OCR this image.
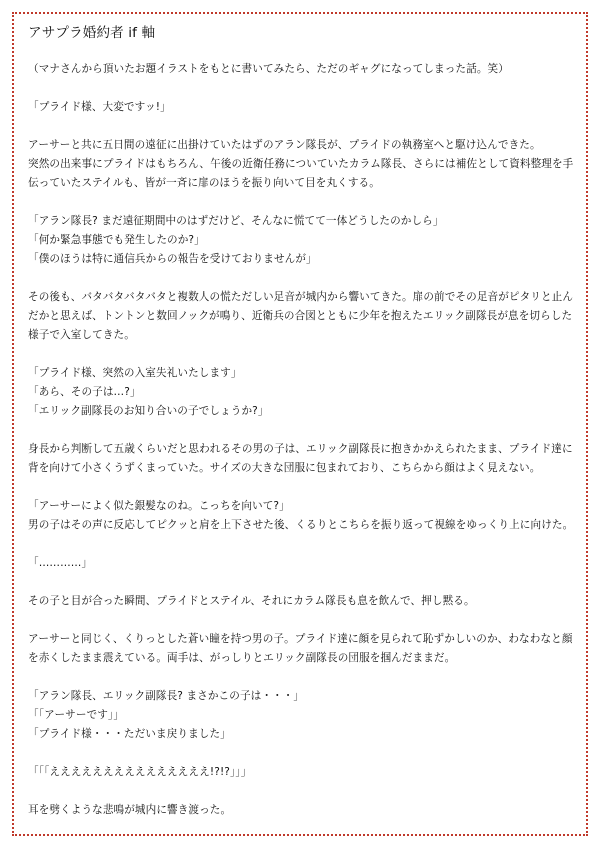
アサプラ婚約者 if 軸

（マナさんから頂いたお題イラストをもとに書いてみたら、ただのギャグになってしまった話。笑）

「プライド様、大変ですッ!」

アーサーと共に五日間の遠征に出掛けていたはずのアラン隊長が、プライドの執務室へと駆け込んできた。

突然の出来事にプライドはもちろん、午後の近衛任務についていたカラム隊長、さらには補佐として資料整理を手伝っていたステイルも、皆が一斉に扉のほうを振り向いて目を丸くする。

「アラン隊長? まだ遠征期間中のはずだけど、そんなに慌てて一体どうしたのかしら」

「何か緊急事態でも発生したのか?」

「僕のほうは特に通信兵からの報告を受けておりませんが」

その後も、バタバタバタバタと複数人の慌ただしい足音が城内から響いてきた。扉の前でその足音がピタリと止んだかと思えば、トントンと数回ノックが鳴り、近衛兵の合図とともに少年を抱えたエリック副隊長が息を切らした様子で入室してきた。

「プライド様、突然の入室失礼いたします」

「あら、その子は…?」

「エリック副隊長のお知り合いの子でしょうか?」

身長から判断して五歳くらいだと思われるその男の子は、エリック副隊長に抱きかかえられたまま、プライド達に背を向けて小さくうずくまっていた。サイズの大きな団服に包まれており、こちらから顔はよく見えない。

「アーサーによく似た銀髪なのね。こっちを向いて?」

男の子はその声に反応してピクッと肩を上下させた後、くるりとこちらを振り返って視線をゆっくり上に向けた。

「…………」

その子と目が合った瞬間、プライドとステイル、それにカラム隊長も息を飲んで、押し黙る。

アーサーと同じく、くりっとした蒼い瞳を持つ男の子。プライド達に顔を見られて恥ずかしいのか、わなわなと顔を赤くしたまま震えている。両手は、がっしりとエリック副隊長の団服を掴んだままだ。

「アラン隊長、エリック副隊長? まさかこの子は・・・」

「「アーサーです」」

「プライド様・・・ただいま戻りました」

「「「えええええええええええええええ!?!?」」」

耳を劈くような悲鳴が城内に響き渡った。
